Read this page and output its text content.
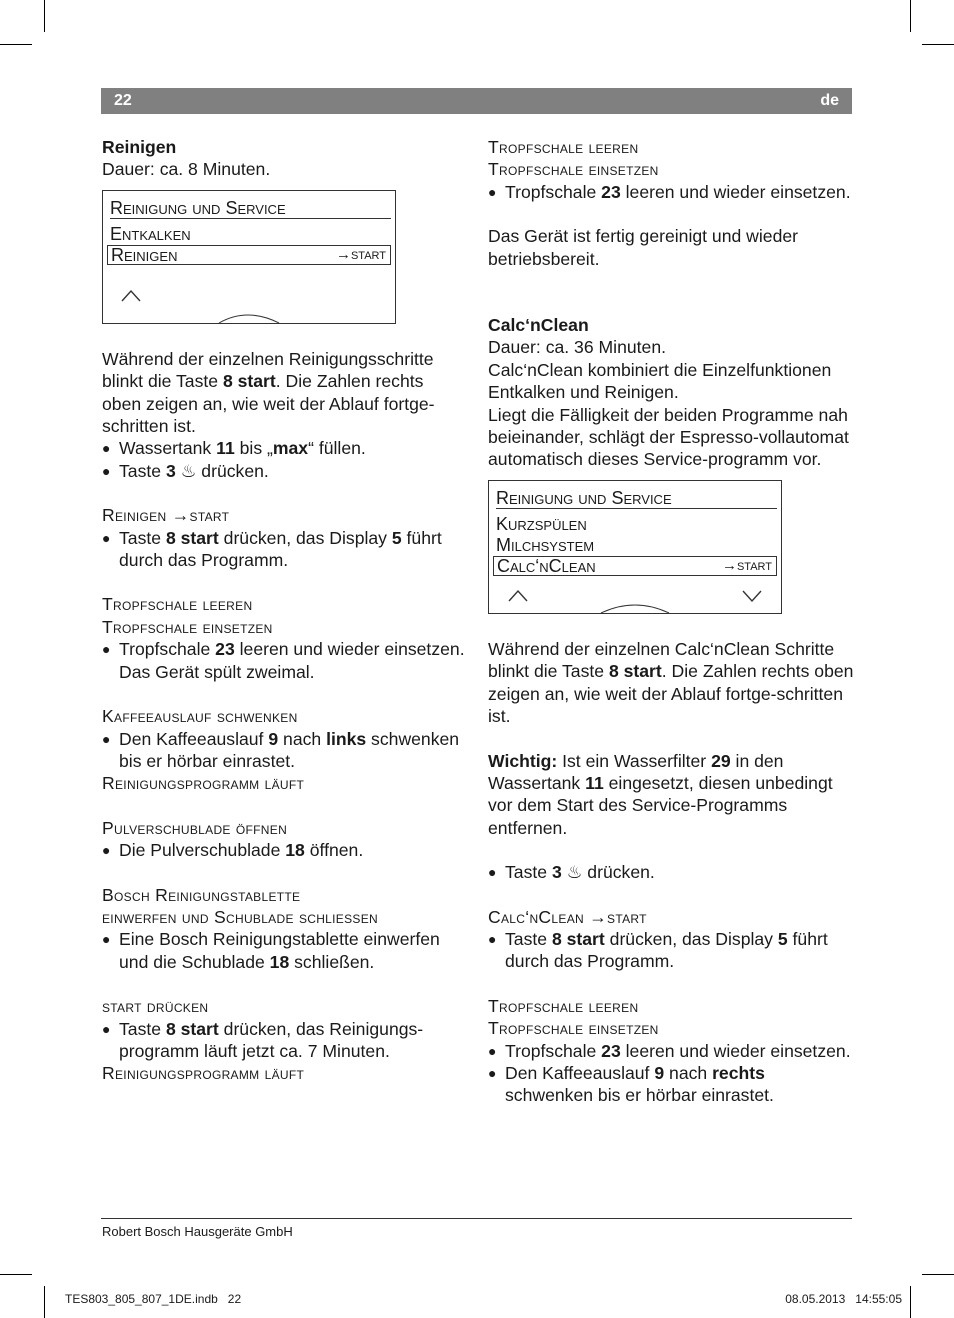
22	de

Reinigen

Dauer: ca. 8 Minuten.

Reinigung und Service
Entkalken
Reinigen	→start

Während der einzelnen Reinigungsschritte blinkt die Taste 8 start. Die Zahlen rechts oben zeigen an, wie weit der Ablauf fortge-schritten ist.

● Wassertank 11 bis „max“ füllen.

● Taste 3 ♨ drücken.

Reinigen →start

● Taste 8 start drücken, das Display 5 führt durch das Programm.

Tropfschale leeren

Tropfschale einsetzen

● Tropfschale 23 leeren und wieder einsetzen. Das Gerät spült zweimal.

Kaffeeauslauf schwenken

● Den Kaffeeauslauf 9 nach links schwenken bis er hörbar einrastet.

Reinigungsprogramm läuft

Pulverschublade öffnen

● Die Pulverschublade 18 öffnen.

Bosch Reinigungstablette

einwerfen und Schublade schliessen

● Eine Bosch Reinigungstablette einwerfen und die Schublade 18 schließen.

start drücken

● Taste 8 start drücken, das Reinigungs-programm läuft jetzt ca. 7 Minuten.

Reinigungsprogramm läuft

Tropfschale leeren

Tropfschale einsetzen

● Tropfschale 23 leeren und wieder einsetzen.

Das Gerät ist fertig gereinigt und wieder betriebsbereit.

Calc‘nClean

Dauer: ca. 36 Minuten.

Calc‘nClean kombiniert die Einzelfunktionen Entkalken und Reinigen.

Liegt die Fälligkeit der beiden Programme nah beieinander, schlägt der Espresso-vollautomat automatisch dieses Service-programm vor.

Reinigung und Service
Kurzspülen
Milchsystem
Calc‘nClean	→start

Während der einzelnen Calc‘nClean Schritte blinkt die Taste 8 start. Die Zahlen rechts oben zeigen an, wie weit der Ablauf fortge-schritten ist.

Wichtig: Ist ein Wasserfilter 29 in den Wassertank 11 eingesetzt, diesen unbedingt vor dem Start des Service-Programms entfernen.

● Taste 3 ♨ drücken.

Calc‘nClean →start

● Taste 8 start drücken, das Display 5 führt durch das Programm.

Tropfschale leeren

Tropfschale einsetzen

● Tropfschale 23 leeren und wieder einsetzen.

● Den Kaffeeauslauf 9 nach rechts schwenken bis er hörbar einrastet.

Robert Bosch Hausgeräte GmbH
TES803_805_807_1DE.indb   22	08.05.2013   14:55:05
